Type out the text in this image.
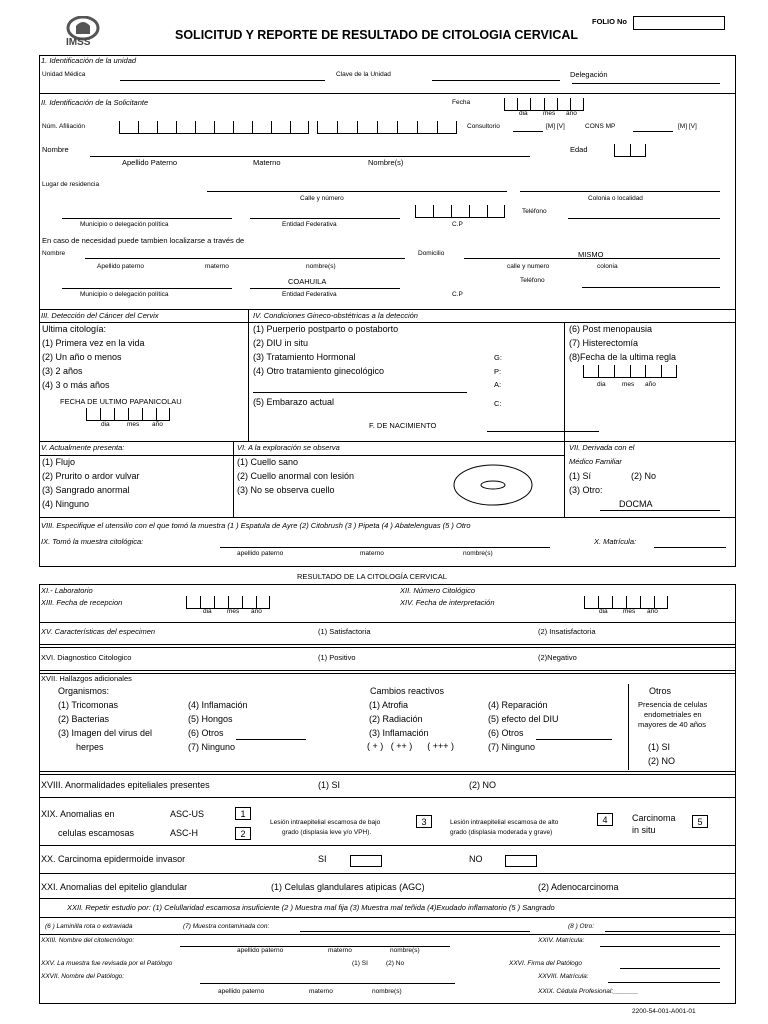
IMSS
SOLICITUD Y REPORTE DE RESULTADO DE CITOLOGIA CERVICAL
FOLIO No
1. Identificación de la unidad
Unidad Médica	Clave de la Unidad	Delegación
II. Identificación de la Solicitante	Fecha
dia mes año
Núm. Afiliación	Consultorio	[M] [V]	CONS MP	[M] [V]
Nombre	Edad
Apellido Paterno	Materno	Nombre(s)
Lugar de residencia
Calle y número	Colonia o localidad
Teléfono
Municipio o delegación política	Entidad Federativa	C.P
En caso de necesidad puede tambien localizarse a través de
Nombre	Domicilio	MISMO
Apellido paterno	materno	nombre(s)	calle y numero	colonia
COAHUILA	Teléfono
Municipio o delegación política	Entidad Federativa	C.P
III. Detección del Cáncer del Cervix	IV. Condiciones Gineco-obstétricas a la detección
Ultima citología:
(1) Primera vez en la vida
(2) Un año o menos
(3) 2 años
(4) 3 o más años
FECHA DE ULTIMO PAPANICOLAU
dia	mes año
(1) Puerperio postparto o postaborto
(2) DIU in situ
(3) Tratamiento Hormonal
(4) Otro tratamiento ginecológico
(5) Embarazo actual
G:
P:
A:
C:
(6) Post menopausia
(7) Histerectomía
(8)Fecha de la ultima regla
dia	mes año
F. DE NACIMIENTO
V. Actualmente presenta:	VI. A la exploración se observa	VII. Derivada con el
Médico Familiar
(1) Flujo
(2) Prurito o ardor vulvar
(3) Sangrado anormal
(4) Ninguno
(1) Cuello sano
(2) Cuello anormal con lesión
(3) No se observa cuello
(1) Sí	(2) No
(3) Otro:
DOCMA
VIII. Especifique el utensilio con el que tomó la muestra (1 ) Espatula de Ayre (2) Citobrush (3 ) Pipeta (4 ) Abatelenguas (5 ) Otro
IX. Tomó la muestra citológica:	X. Matrícula:
apellido paterno	materno	nombre(s)
RESULTADO DE LA CITOLOGÍA CERVICAL
XI.- Laboratorio	XII. Número Citológico
XIII. Fecha de recepcion
dia mes año
XIV. Fecha de interpretación
dia mes año
XV. Características del especimen	(1) Satisfactoria	(2) Insatisfactoria
XVI. Diagnostico Citologico	(1) Positivo	(2)Negativo
XVII. Hallazgos adicionales
Organismos:
(1) Tricomonas
(2) Bacterias
(3) Imagen del virus del
herpes
(4) Inflamación
(5) Hongos
(6) Otros
(7) Ninguno
Cambios reactivos
(1) Atrofia
(2) Radiación
(3) Inflamación
( + )   ( ++ )      ( +++ )
(4) Reparación
(5) efecto del DIU
(6) Otros
(7) Ninguno
Otros
Presencia de celulas
endometriales en
mayores de 40 años
(1) SI
(2) NO
XVIII. Anormalidades epiteliales presentes	(1) SI	(2) NO
XIX. Anomalias en
celulas escamosas
ASC-US	1
ASC-H	2
Lesión intraepitelial escamosa de bajo
grado (displasia leve y/o VPH).
3	Lesión intraepitelial escamosa de alto
grado (displasia moderada y grave)
4	Carcinoma
in situ
5
XX. Carcinoma epidermoide invasor	SI	NO
XXI. Anomalias del epitelio glandular	(1) Celulas glandulares atipicas (AGC)	(2) Adenocarcinoma
XXII. Repetir estudio por: (1) Celullaridad escamosa insuficiente (2 ) Muestra mal fija (3) Muestra mal teñida (4)Exudado inflamatorio (5 ) Sangrado
(6 ) Laminilla rota o extraviada	(7) Muestra contaminada con:	(8 ) Otro:
XXIII. Nombre del citotecnólogo:	XXIV. Matrícula:
apellido paterno	materno	nombre(s)
XXV. La muestra fue revisada por el Patólogo	(1) SI	(2) No	XXVI. Firma del Patólogo
XXVII. Nombre del Patólogo:	XXVIII. Matrícula:
apellido paterno	materno	nombre(s)	XXIX. Cédula Profesional:_______
2200-54-001-A001-01
